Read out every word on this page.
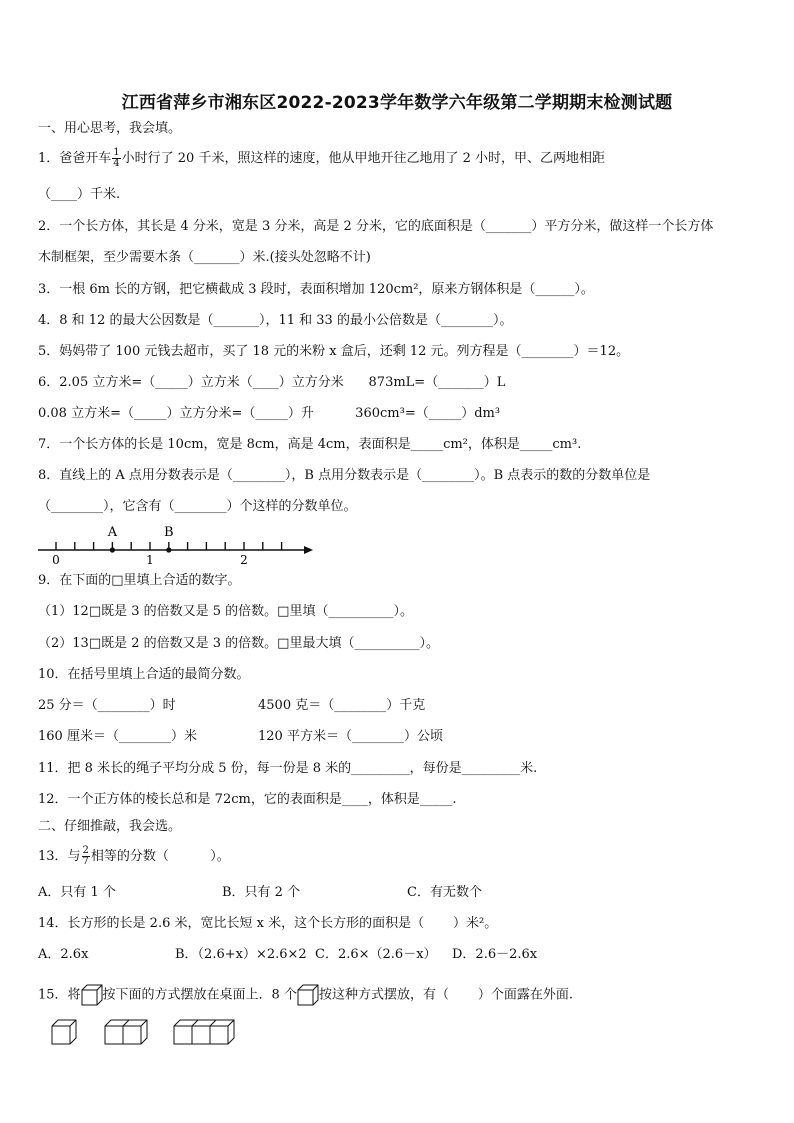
江西省萍乡市湘东区2022-2023学年数学六年级第二学期期末检测试题
一、用心思考，我会填。
1．爸爸开车 $\frac{1}{4}$ 小时行了 20 千米，照这样的速度，他从甲地开往乙地用了 2 小时，甲、乙两地相距
（____）千米.
2．一个长方体，其长是 4 分米，宽是 3 分米，高是 2 分米，它的底面积是（_______）平方分米，做这样一个长方体
木制框架，至少需要木条（_______）米.(接头处忽略不计)
3．一根 6m 长的方钢，把它横截成 3 段时，表面积增加 120cm²，原来方钢体积是（______）。
4．8 和 12 的最大公因数是（_______），11 和 33 的最小公倍数是（________）。
5．妈妈带了 100 元钱去超市，买了 18 元的米粉 x 盒后，还剩 12 元。列方程是（________）＝12。
6．2.05 立方米=（_____）立方米（____）立方分米      873mL=（_______）L
0.08 立方米=（_____）立方分米=（_____）升          360cm³=（_____）dm³
7．一个长方体的长是 10cm，宽是 8cm，高是 4cm，表面积是_____cm²，体积是_____cm³.
8．直线上的 A 点用分数表示是（________），B 点用分数表示是（________）。B 点表示的数的分数单位是
（________），它含有（________）个这样的分数单位。
A	B
0	1	2
9．在下面的□里填上合适的数字。
（1）12□既是 3 的倍数又是 5 的倍数。□里填（__________）。
（2）13□既是 2 的倍数又是 3 的倍数。□里最大填（__________）。
10．在括号里填上合适的最简分数。
25 分＝（________）时	4500 克＝（________）千克
160 厘米＝（________）米	120 平方米＝（________）公顷
11．把 8 米长的绳子平均分成 5 份，每一份是 8 米的_________，每份是_________米.
12．一个正方体的棱长总和是 72cm，它的表面积是____，体积是_____.
二、仔细推敲，我会选。
13．与 $\frac{2}{7}$ 相等的分数（          ）。
A．只有 1 个	B．只有 2 个	C．有无数个
14．长方形的长是 2.6 米，宽比长短 x 米，这个长方形的面积是（       ）米²。
A．2.6x	B．（2.6+x）×2.6×2 C．2.6×（2.6－x） D．2.6－2.6x
15．将 按下面的方式摆放在桌面上．8 个 按这种方式摆放，有（       ）个面露在外面.
